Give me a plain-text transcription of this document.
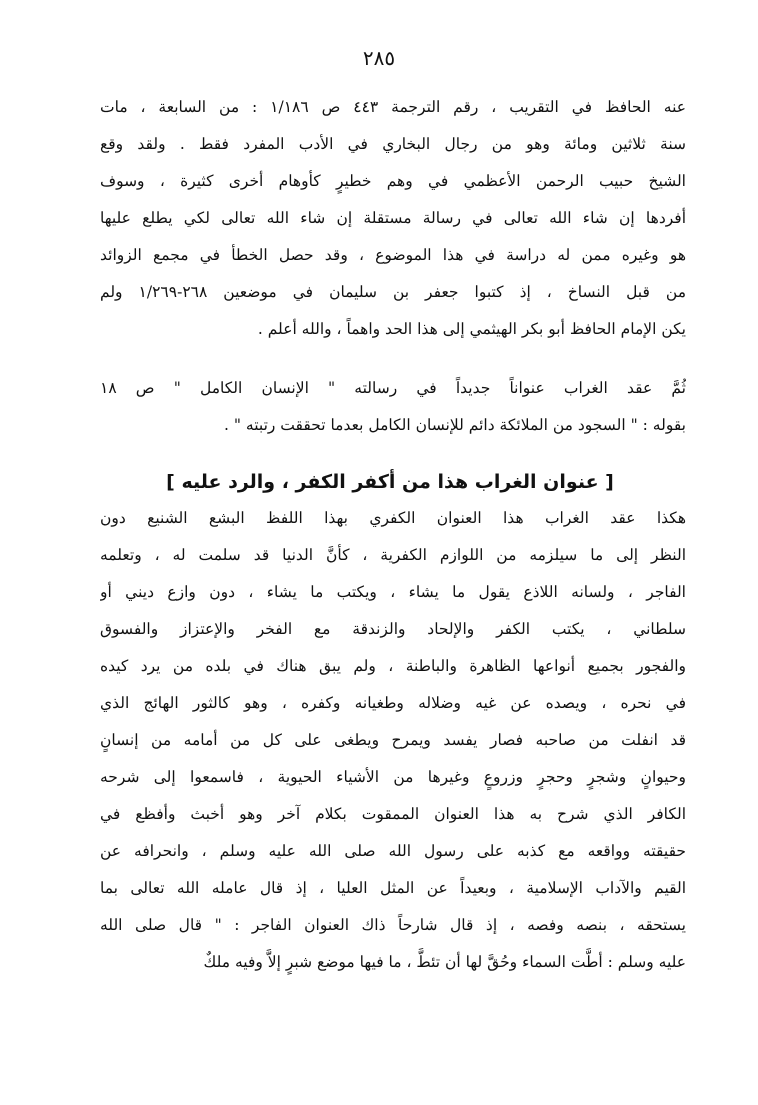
٢٨٥
عنه الحافظ في التقريب ، رقم الترجمة ٤٤٣ ص ١/١٨٦ : من السابعة ، مات
سنة ثلاثين ومائة وهو من رجال البخاري في الأدب المفرد فقط . ولقد وقع
الشيخ حبيب الرحمن الأعظمي في وهم خطيرٍ كأوهام أخرى كثيرة ، وسوف
أفردها إن شاء الله تعالى في رسالة مستقلة إن شاء الله تعالى لكي يطلع عليها
هو وغيره ممن له دراسة في هذا الموضوع ، وقد حصل الخطأ في مجمع الزوائد
من قبل النساخ ، إذ كتبوا جعفر بن سليمان في موضعين ٢٦٨-١/٢٦٩ ولم
يكن الإمام الحافظ أبو بكر الهيثمي إلى هذا الحد واهماً ، والله أعلم .
ثُمَّ عقد الغراب عنواناً جديداً في رسالته " الإنسان الكامل " ص ١٨
بقوله : " السجود من الملائكة دائم للإنسان الكامل بعدما تحققت رتبته " .
[ عنوان الغراب هذا من أكفر الكفر ، والرد عليه ]
هكذا عقد الغراب هذا العنوان الكفري بهذا اللفظ البشع الشنيع دون
النظر إلى ما سيلزمه من اللوازم الكفرية ، كأنَّ الدنيا قد سلمت له ، وتعلمه
الفاجر ، ولسانه اللاذع يقول ما يشاء ، ويكتب ما يشاء ، دون وازع ديني أو
سلطاني ، يكتب الكفر والإلحاد والزندقة مع الفخر والإعتزاز والفسوق
والفجور بجميع أنواعها الظاهرة والباطنة ، ولم يبق هناك في بلده من يرد كيده
في نحره ، ويصده عن غيه وضلاله وطغيانه وكفره ، وهو كالثور الهائج الذي
قد انفلت من صاحبه فصار يفسد ويمرح ويطغى على كل من أمامه من إنسانٍ
وحيوانٍ وشجرٍ وحجرٍ وزروعٍ وغيرها من الأشياء الحيوية ، فاسمعوا إلى شرحه
الكافر الذي شرح به هذا العنوان الممقوت بكلام آخر وهو أخبث وأفظع في
حقيقته وواقعه مع كذبه على رسول الله صلى الله عليه وسلم ، وانحرافه عن
القيم والآداب الإسلامية ، وبعيداً عن المثل العليا ، إذ قال عامله الله تعالى بما
يستحقه ، بنصه وفصه ، إذ قال شارحاً ذاك العنوان الفاجر : " قال صلى الله
عليه وسلم : أطَّت السماء وحُقَّ لها أن تئطَّ ، ما فيها موضع شبرٍ إلاَّ وفيه ملكٌ
